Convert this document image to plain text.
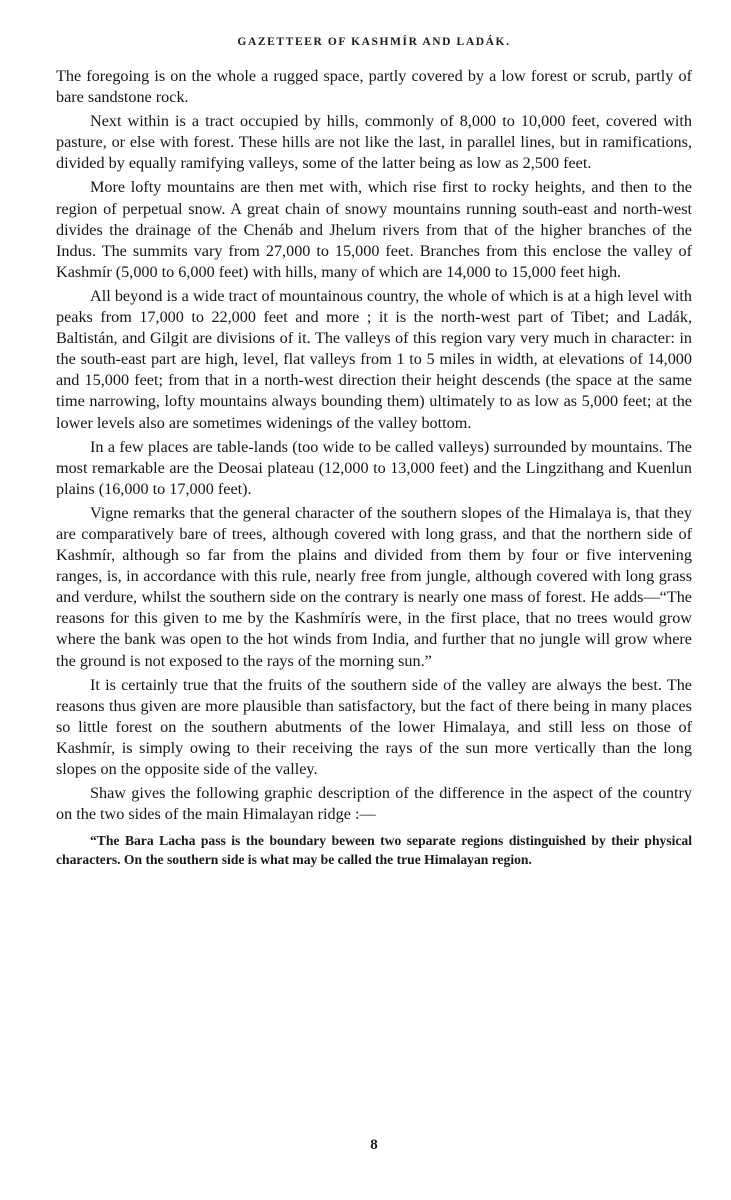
GAZETTEER OF KASHMÍR AND LADÁK.

The foregoing is on the whole a rugged space, partly covered by a low forest or scrub, partly of bare sandstone rock.

Next within is a tract occupied by hills, commonly of 8,000 to 10,000 feet, covered with pasture, or else with forest. These hills are not like the last, in parallel lines, but in ramifications, divided by equally ramifying valleys, some of the latter being as low as 2,500 feet.

More lofty mountains are then met with, which rise first to rocky heights, and then to the region of perpetual snow. A great chain of snowy mountains running south-east and north-west divides the drainage of the Chenáb and Jhelum rivers from that of the higher branches of the Indus. The summits vary from 27,000 to 15,000 feet. Branches from this enclose the valley of Kashmír (5,000 to 6,000 feet) with hills, many of which are 14,000 to 15,000 feet high.

All beyond is a wide tract of mountainous country, the whole of which is at a high level with peaks from 17,000 to 22,000 feet and more ; it is the north-west part of Tibet; and Ladák, Baltistán, and Gilgit are divisions of it. The valleys of this region vary very much in character: in the south-east part are high, level, flat valleys from 1 to 5 miles in width, at elevations of 14,000 and 15,000 feet; from that in a north-west direction their height descends (the space at the same time narrowing, lofty mountains always bounding them) ultimately to as low as 5,000 feet; at the lower levels also are sometimes widenings of the valley bottom.

In a few places are table-lands (too wide to be called valleys) surrounded by mountains. The most remarkable are the Deosai plateau (12,000 to 13,000 feet) and the Lingzithang and Kuenlun plains (16,000 to 17,000 feet).

Vigne remarks that the general character of the southern slopes of the Himalaya is, that they are comparatively bare of trees, although covered with long grass, and that the northern side of Kashmír, although so far from the plains and divided from them by four or five intervening ranges, is, in accordance with this rule, nearly free from jungle, although covered with long grass and verdure, whilst the southern side on the contrary is nearly one mass of forest. He adds—“The reasons for this given to me by the Kashmírís were, in the first place, that no trees would grow where the bank was open to the hot winds from India, and further that no jungle will grow where the ground is not exposed to the rays of the morning sun.”

It is certainly true that the fruits of the southern side of the valley are always the best. The reasons thus given are more plausible than satisfactory, but the fact of there being in many places so little forest on the southern abutments of the lower Himalaya, and still less on those of Kashmír, is simply owing to their receiving the rays of the sun more vertically than the long slopes on the opposite side of the valley.

Shaw gives the following graphic description of the difference in the aspect of the country on the two sides of the main Himalayan ridge :—

“The Bara Lacha pass is the boundary beween two separate regions distinguished by their physical characters. On the southern side is what may be called the true Himalayan region.

8
